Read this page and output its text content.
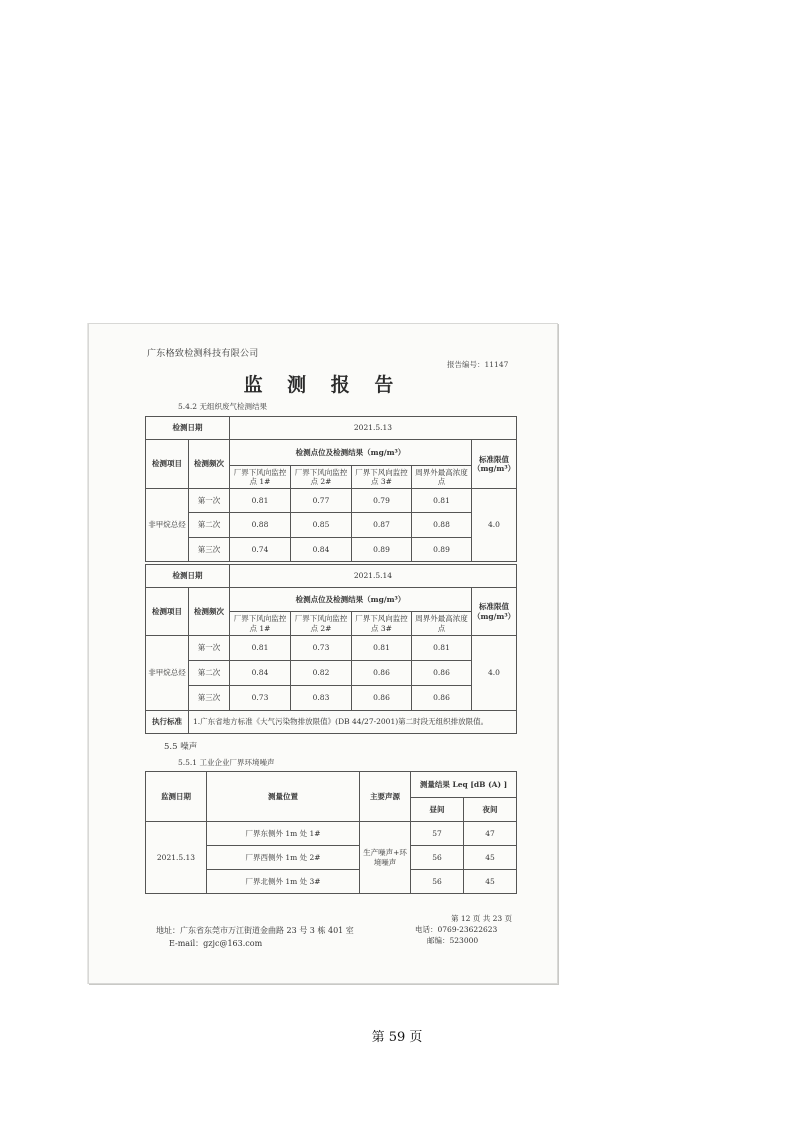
广东格致检测科技有限公司
报告编号：11147
监 测 报 告
5.4.2 无组织废气检测结果
检测日期		2021.5.13				
检测项目	检测频次	检测点位及检测结果（mg/m³）				标准限值（mg/m³）
		厂界下风向监控点 1#	厂界下风向监控点 2#	厂界下风向监控点 3#	周界外最高浓度点	
非甲烷总烃	第一次	0.81	0.77	0.79	0.81	4.0
	第二次	0.88	0.85	0.87	0.88	
	第三次	0.74	0.84	0.89	0.89	
检测日期		2021.5.14				
检测项目	检测频次	检测点位及检测结果（mg/m³）				标准限值（mg/m³）
		厂界下风向监控点 1#	厂界下风向监控点 2#	厂界下风向监控点 3#	周界外最高浓度点	
非甲烷总烃	第一次	0.81	0.73	0.81	0.81	4.0
	第二次	0.84	0.82	0.86	0.86	
	第三次	0.73	0.83	0.86	0.86	
执行标准	1.广东省地方标准《大气污染物排放限值》(DB 44/27-2001)第二时段无组织排放限值。					
5.5 噪声
5.5.1 工业企业厂界环境噪声
监测日期	测量位置	主要声源	测量结果 Leq [dB (A) ]	
			昼间	夜间
2021.5.13	厂界东侧外 1m 处 1#	生产噪声+环境噪声	57	47
	厂界西侧外 1m 处 2#		56	45
	厂界北侧外 1m 处 3#		56	45
第 12 页 共 23 页
电话：0769-23622623
邮编：523000
地址：广东省东莞市万江街道金曲路 23 号 3 栋 401 室
E-mail：gzjc@163.com
第 59 页
